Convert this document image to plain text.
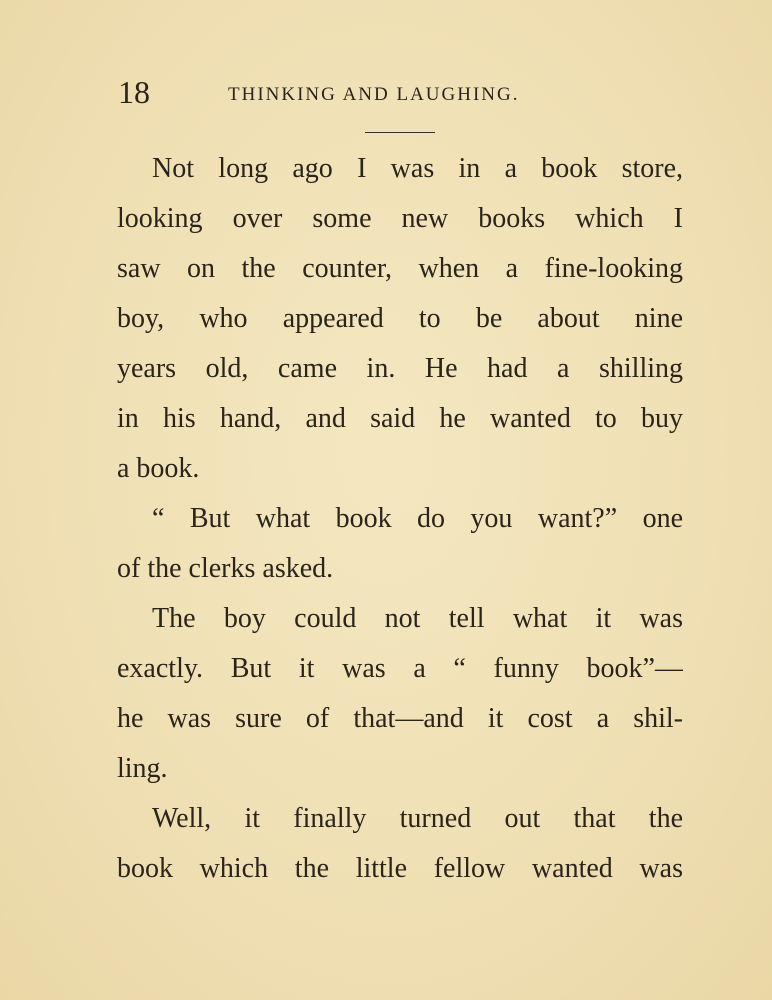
18	THINKING AND LAUGHING.
Not long ago I was in a book store,
looking over some new books which I
saw on the counter, when a fine-looking
boy, who appeared to be about nine
years old, came in. He had a shilling
in his hand, and said he wanted to buy
a book.
“ But what book do you want?” one
of the clerks asked.
The boy could not tell what it was
exactly. But it was a “ funny book”—
he was sure of that—and it cost a shil-
ling.
Well, it finally turned out that the
book which the little fellow wanted was
